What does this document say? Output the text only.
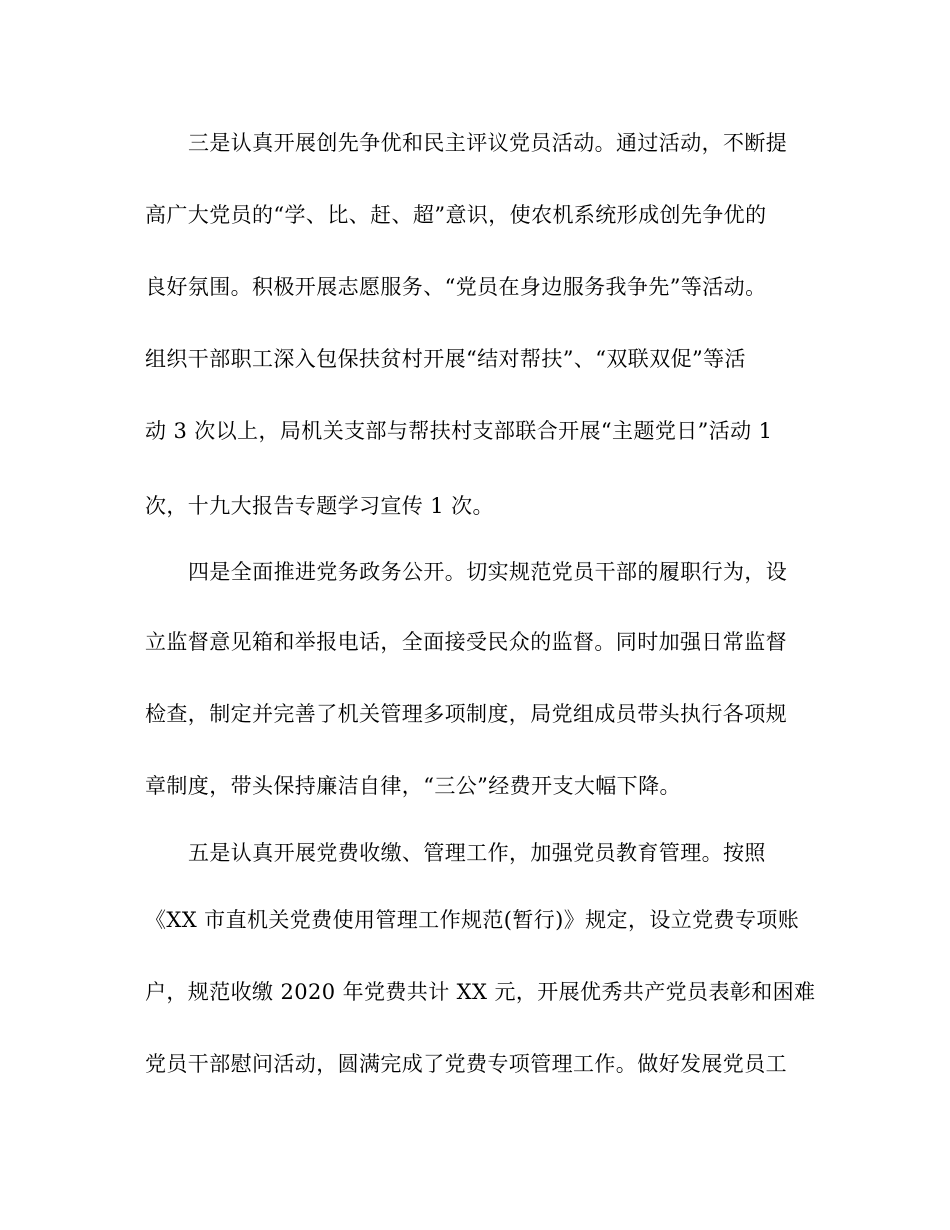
三是认真开展创先争优和民主评议党员活动。通过活动，不断提
高广大党员的“学、比、赶、超”意识，使农机系统形成创先争优的
良好氛围。积极开展志愿服务、“党员在身边服务我争先”等活动。
组织干部职工深入包保扶贫村开展“结对帮扶”、“双联双促”等活
动 3 次以上，局机关支部与帮扶村支部联合开展“主题党日”活动 1
次，十九大报告专题学习宣传 1 次。
四是全面推进党务政务公开。切实规范党员干部的履职行为，设
立监督意见箱和举报电话，全面接受民众的监督。同时加强日常监督
检查，制定并完善了机关管理多项制度，局党组成员带头执行各项规
章制度，带头保持廉洁自律，“三公”经费开支大幅下降。
五是认真开展党费收缴、管理工作，加强党员教育管理。按照
《XX 市直机关党费使用管理工作规范(暂行)》规定，设立党费专项账
户，规范收缴 2020 年党费共计 XX 元，开展优秀共产党员表彰和困难
党员干部慰问活动，圆满完成了党费专项管理工作。做好发展党员工
